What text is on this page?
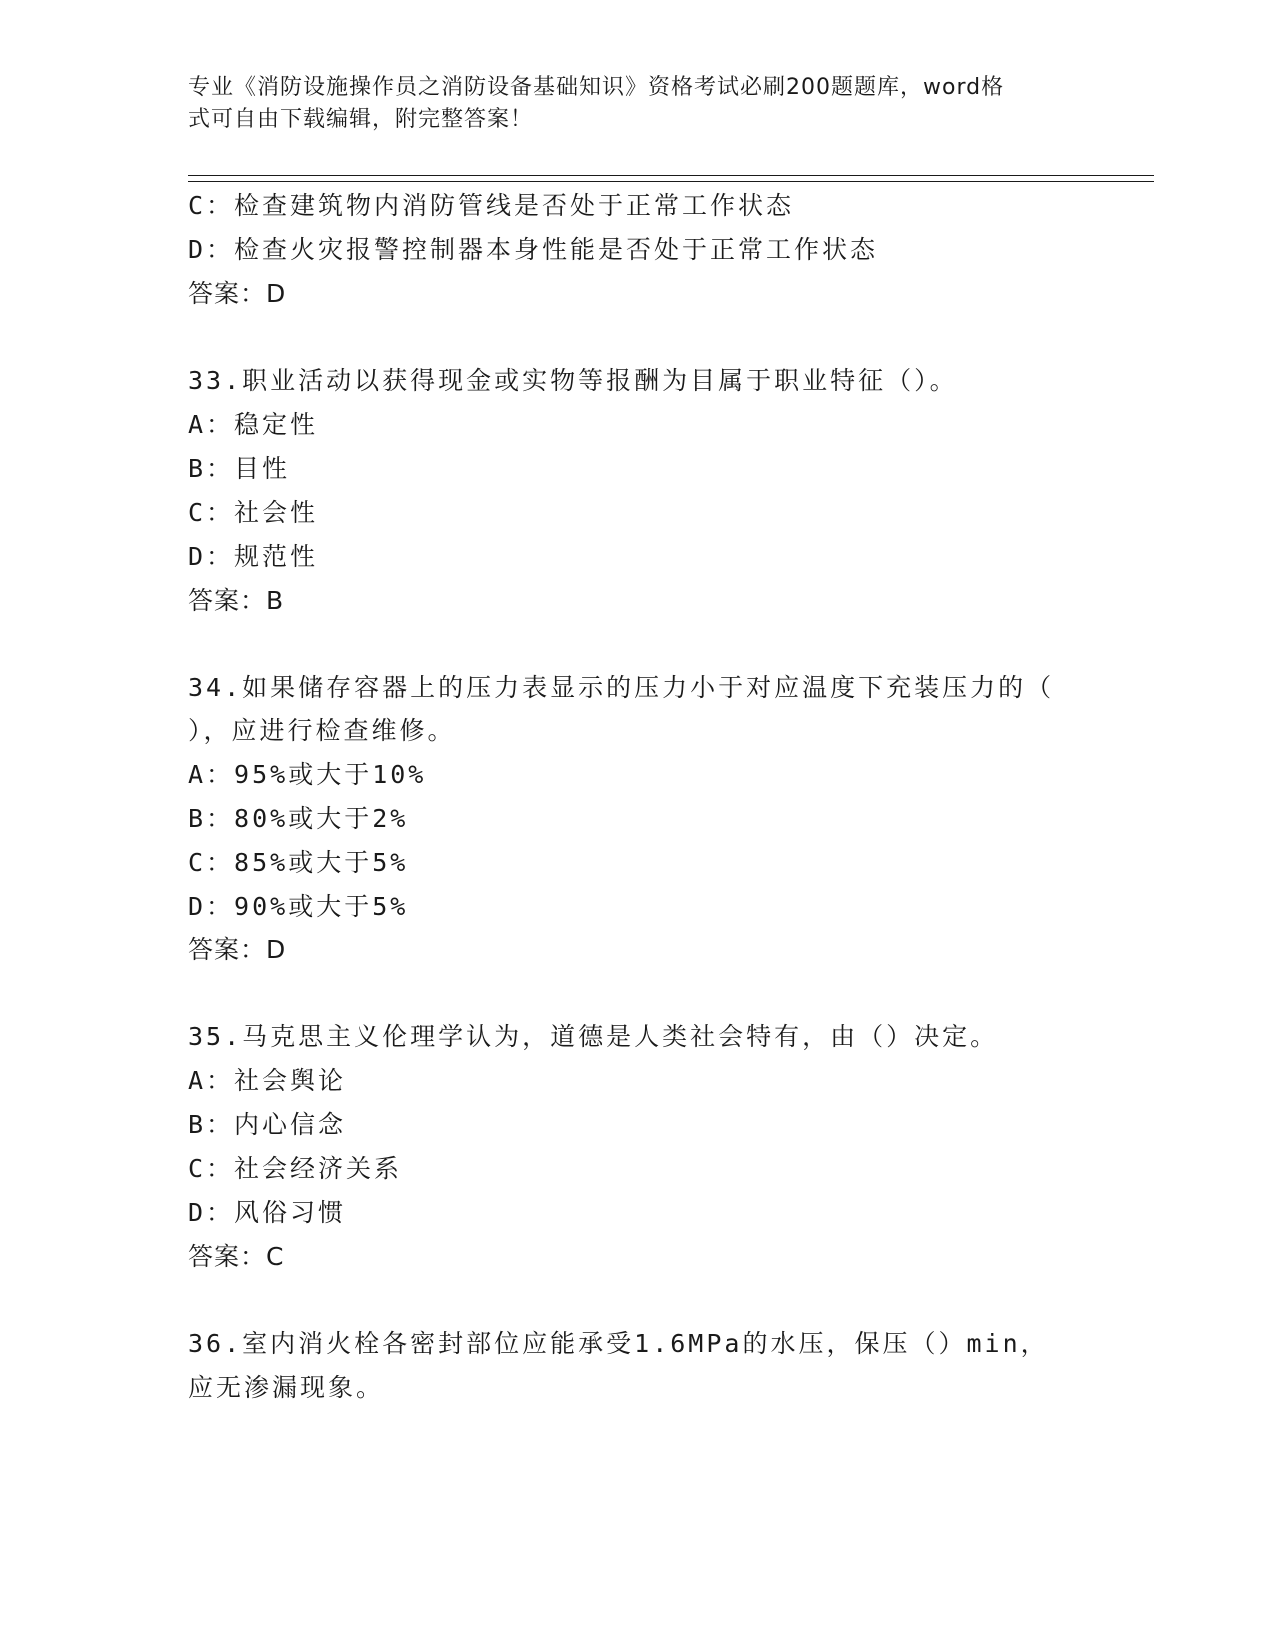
专业《消防设施操作员之消防设备基础知识》资格考试必刷200题题库，word格
式可自由下载编辑，附完整答案！
C：检查建筑物内消防管线是否处于正常工作状态
D：检查火灾报警控制器本身性能是否处于正常工作状态
答案：D
33.职业活动以获得现金或实物等报酬为目属于职业特征（）。
A：稳定性
B：目性
C：社会性
D：规范性
答案：B
34.如果储存容器上的压力表显示的压力小于对应温度下充装压力的（
），应进行检查维修。
A：95%或大于10%
B：80%或大于2%
C：85%或大于5%
D：90%或大于5%
答案：D
35.马克思主义伦理学认为，道德是人类社会特有，由（）决定。
A：社会舆论
B：内心信念
C：社会经济关系
D：风俗习惯
答案：C
36.室内消火栓各密封部位应能承受1.6MPa的水压，保压（）min，
应无渗漏现象。
